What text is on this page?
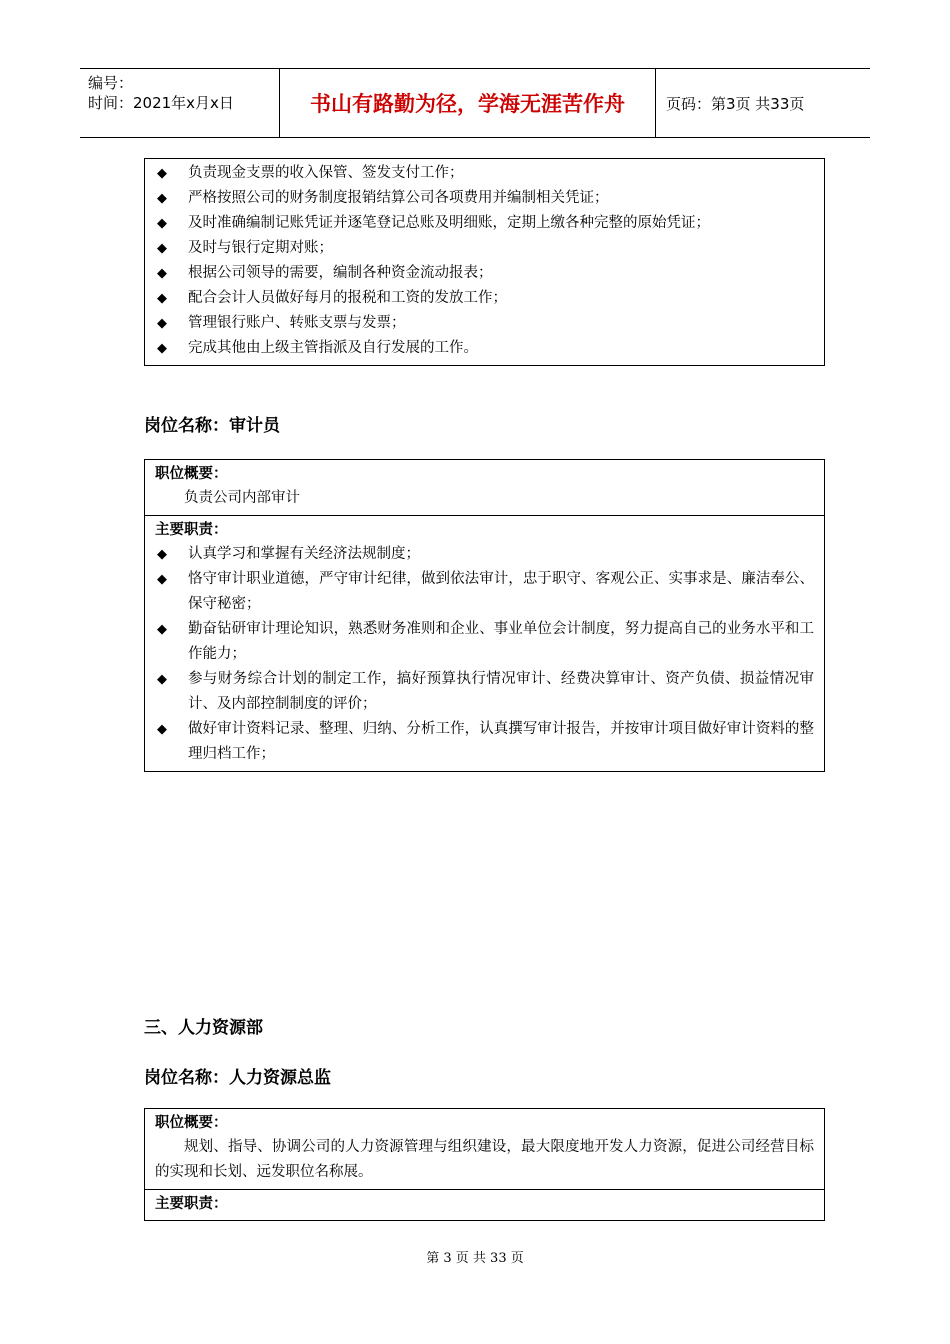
编号：
时间：2021年x月x日	书山有路勤为径，学海无涯苦作舟	页码：第3页 共33页
◆ 负责现金支票的收入保管、签发支付工作；
◆ 严格按照公司的财务制度报销结算公司各项费用并编制相关凭证；
◆ 及时准确编制记账凭证并逐笔登记总账及明细账，定期上缴各种完整的原始凭证；
◆ 及时与银行定期对账；
◆ 根据公司领导的需要，编制各种资金流动报表；
◆ 配合会计人员做好每月的报税和工资的发放工作；
◆ 管理银行账户、转账支票与发票；
◆ 完成其他由上级主管指派及自行发展的工作。
岗位名称：审计员
职位概要：
负责公司内部审计
主要职责：
◆ 认真学习和掌握有关经济法规制度；
◆ 恪守审计职业道德，严守审计纪律，做到依法审计，忠于职守、客观公正、实事求是、廉洁奉公、保守秘密；
◆ 勤奋钻研审计理论知识，熟悉财务准则和企业、事业单位会计制度，努力提高自己的业务水平和工作能力；
◆ 参与财务综合计划的制定工作，搞好预算执行情况审计、经费决算审计、资产负债、损益情况审计、及内部控制制度的评价；
◆ 做好审计资料记录、整理、归纳、分析工作，认真撰写审计报告，并按审计项目做好审计资料的整理归档工作；
三、人力资源部
岗位名称：人力资源总监
职位概要：
规划、指导、协调公司的人力资源管理与组织建设，最大限度地开发人力资源，促进公司经营目标的实现和长划、远发职位名称展。
主要职责：
第 3 页 共 33 页
